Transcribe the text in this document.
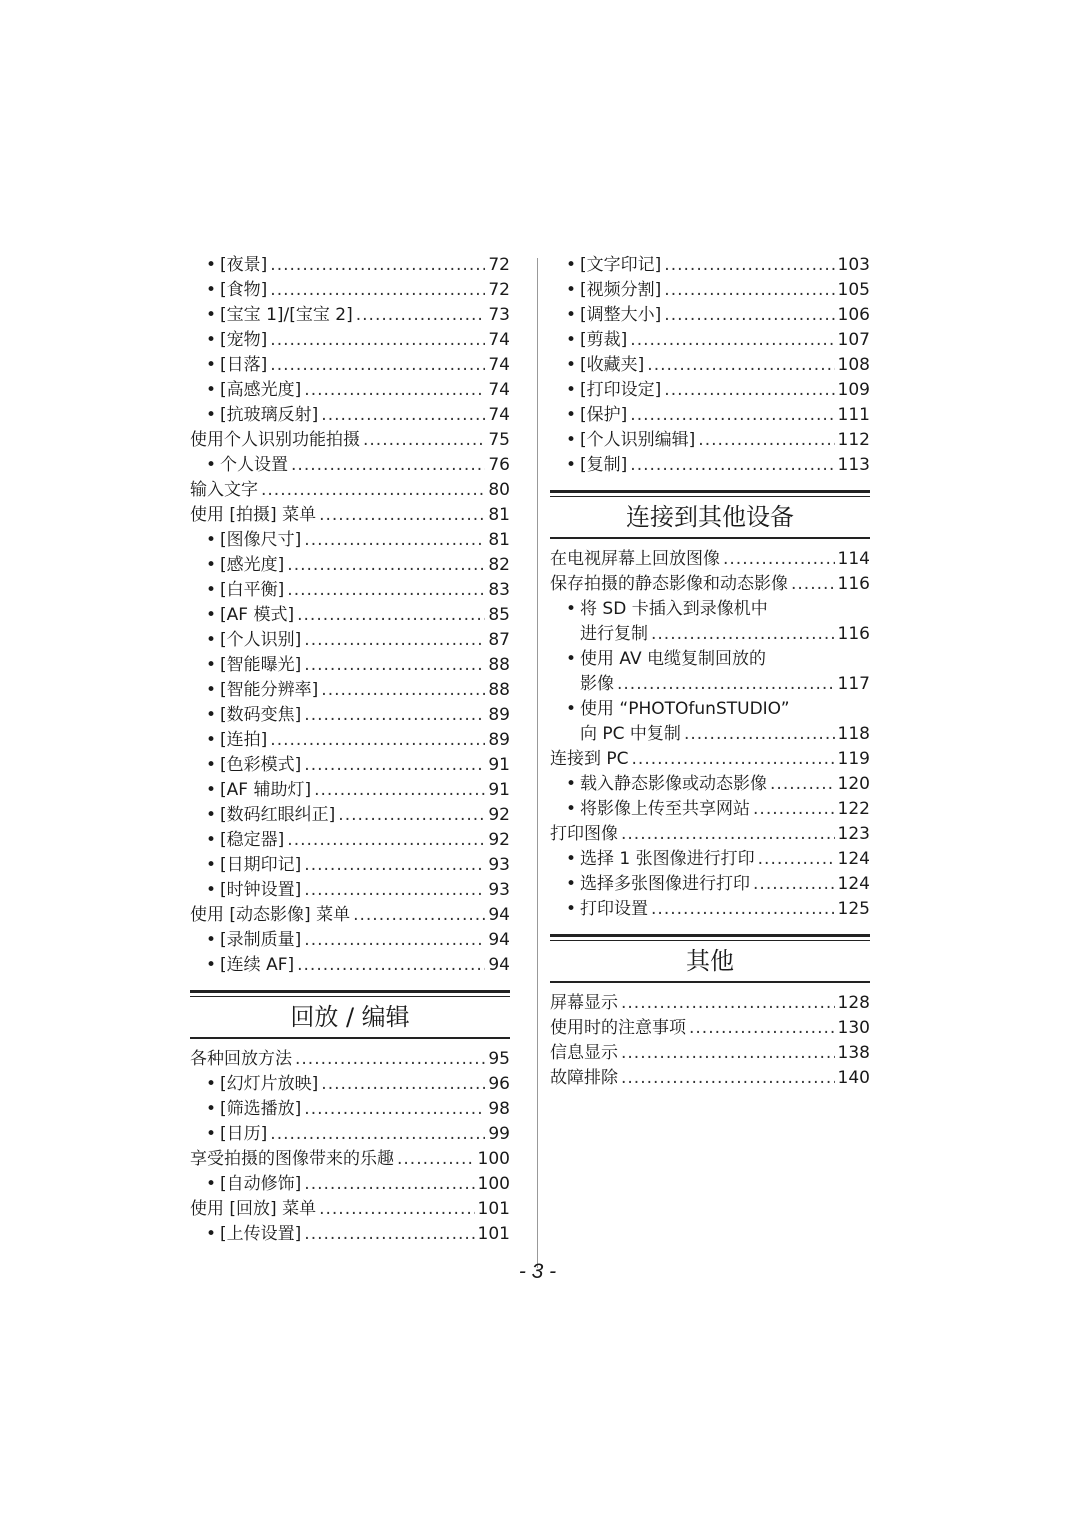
• [夜景] .....	72
• [食物] .....	72
• [宝宝 1]/[宝宝 2] .....	73
• [宠物] .....	74
• [日落] .....	74
• [高感光度] .....	74
• [抗玻璃反射] .....	74
使用个人识别功能拍摄 .....	75
• 个人设置 .....	76
输入文字 .....	80
使用 [拍摄] 菜单 .....	81
• [图像尺寸] .....	81
• [感光度] .....	82
• [白平衡] .....	83
• [AF 模式] .....	85
• [个人识别] .....	87
• [智能曝光] .....	88
• [智能分辨率] .....	88
• [数码变焦] .....	89
• [连拍] .....	89
• [色彩模式] .....	91
• [AF 辅助灯] .....	91
• [数码红眼纠正] .....	92
• [稳定器] .....	92
• [日期印记] .....	93
• [时钟设置] .....	93
使用 [动态影像] 菜单 .....	94
• [录制质量] .....	94
• [连续 AF] .....	94
回放 / 编辑
各种回放方法 .....	95
• [幻灯片放映] .....	96
• [筛选播放] .....	98
• [日历] .....	99
享受拍摄的图像带来的乐趣 .....	100
• [自动修饰] .....	100
使用 [回放] 菜单 .....	101
• [上传设置] .....	101
• [文字印记] .....	103
• [视频分割] .....	105
• [调整大小] .....	106
• [剪裁] .....	107
• [收藏夹] .....	108
• [打印设定] .....	109
• [保护] .....	111
• [个人识别编辑] .....	112
• [复制] .....	113
连接到其他设备
在电视屏幕上回放图像 .....	114
保存拍摄的静态影像和动态影像 .....	116
• 将 SD 卡插入到录像机中
进行复制 .....	116
• 使用 AV 电缆复制回放的
影像 .....	117
• 使用 “PHOTOfunSTUDIO”
向 PC 中复制 .....	118
连接到 PC .....	119
• 载入静态影像或动态影像 .....	120
• 将影像上传至共享网站 .....	122
打印图像 .....	123
• 选择 1 张图像进行打印 .....	124
• 选择多张图像进行打印 .....	124
• 打印设置 .....	125
其他
屏幕显示 .....	128
使用时的注意事项 .....	130
信息显示 .....	138
故障排除 .....	140
- 3 -
